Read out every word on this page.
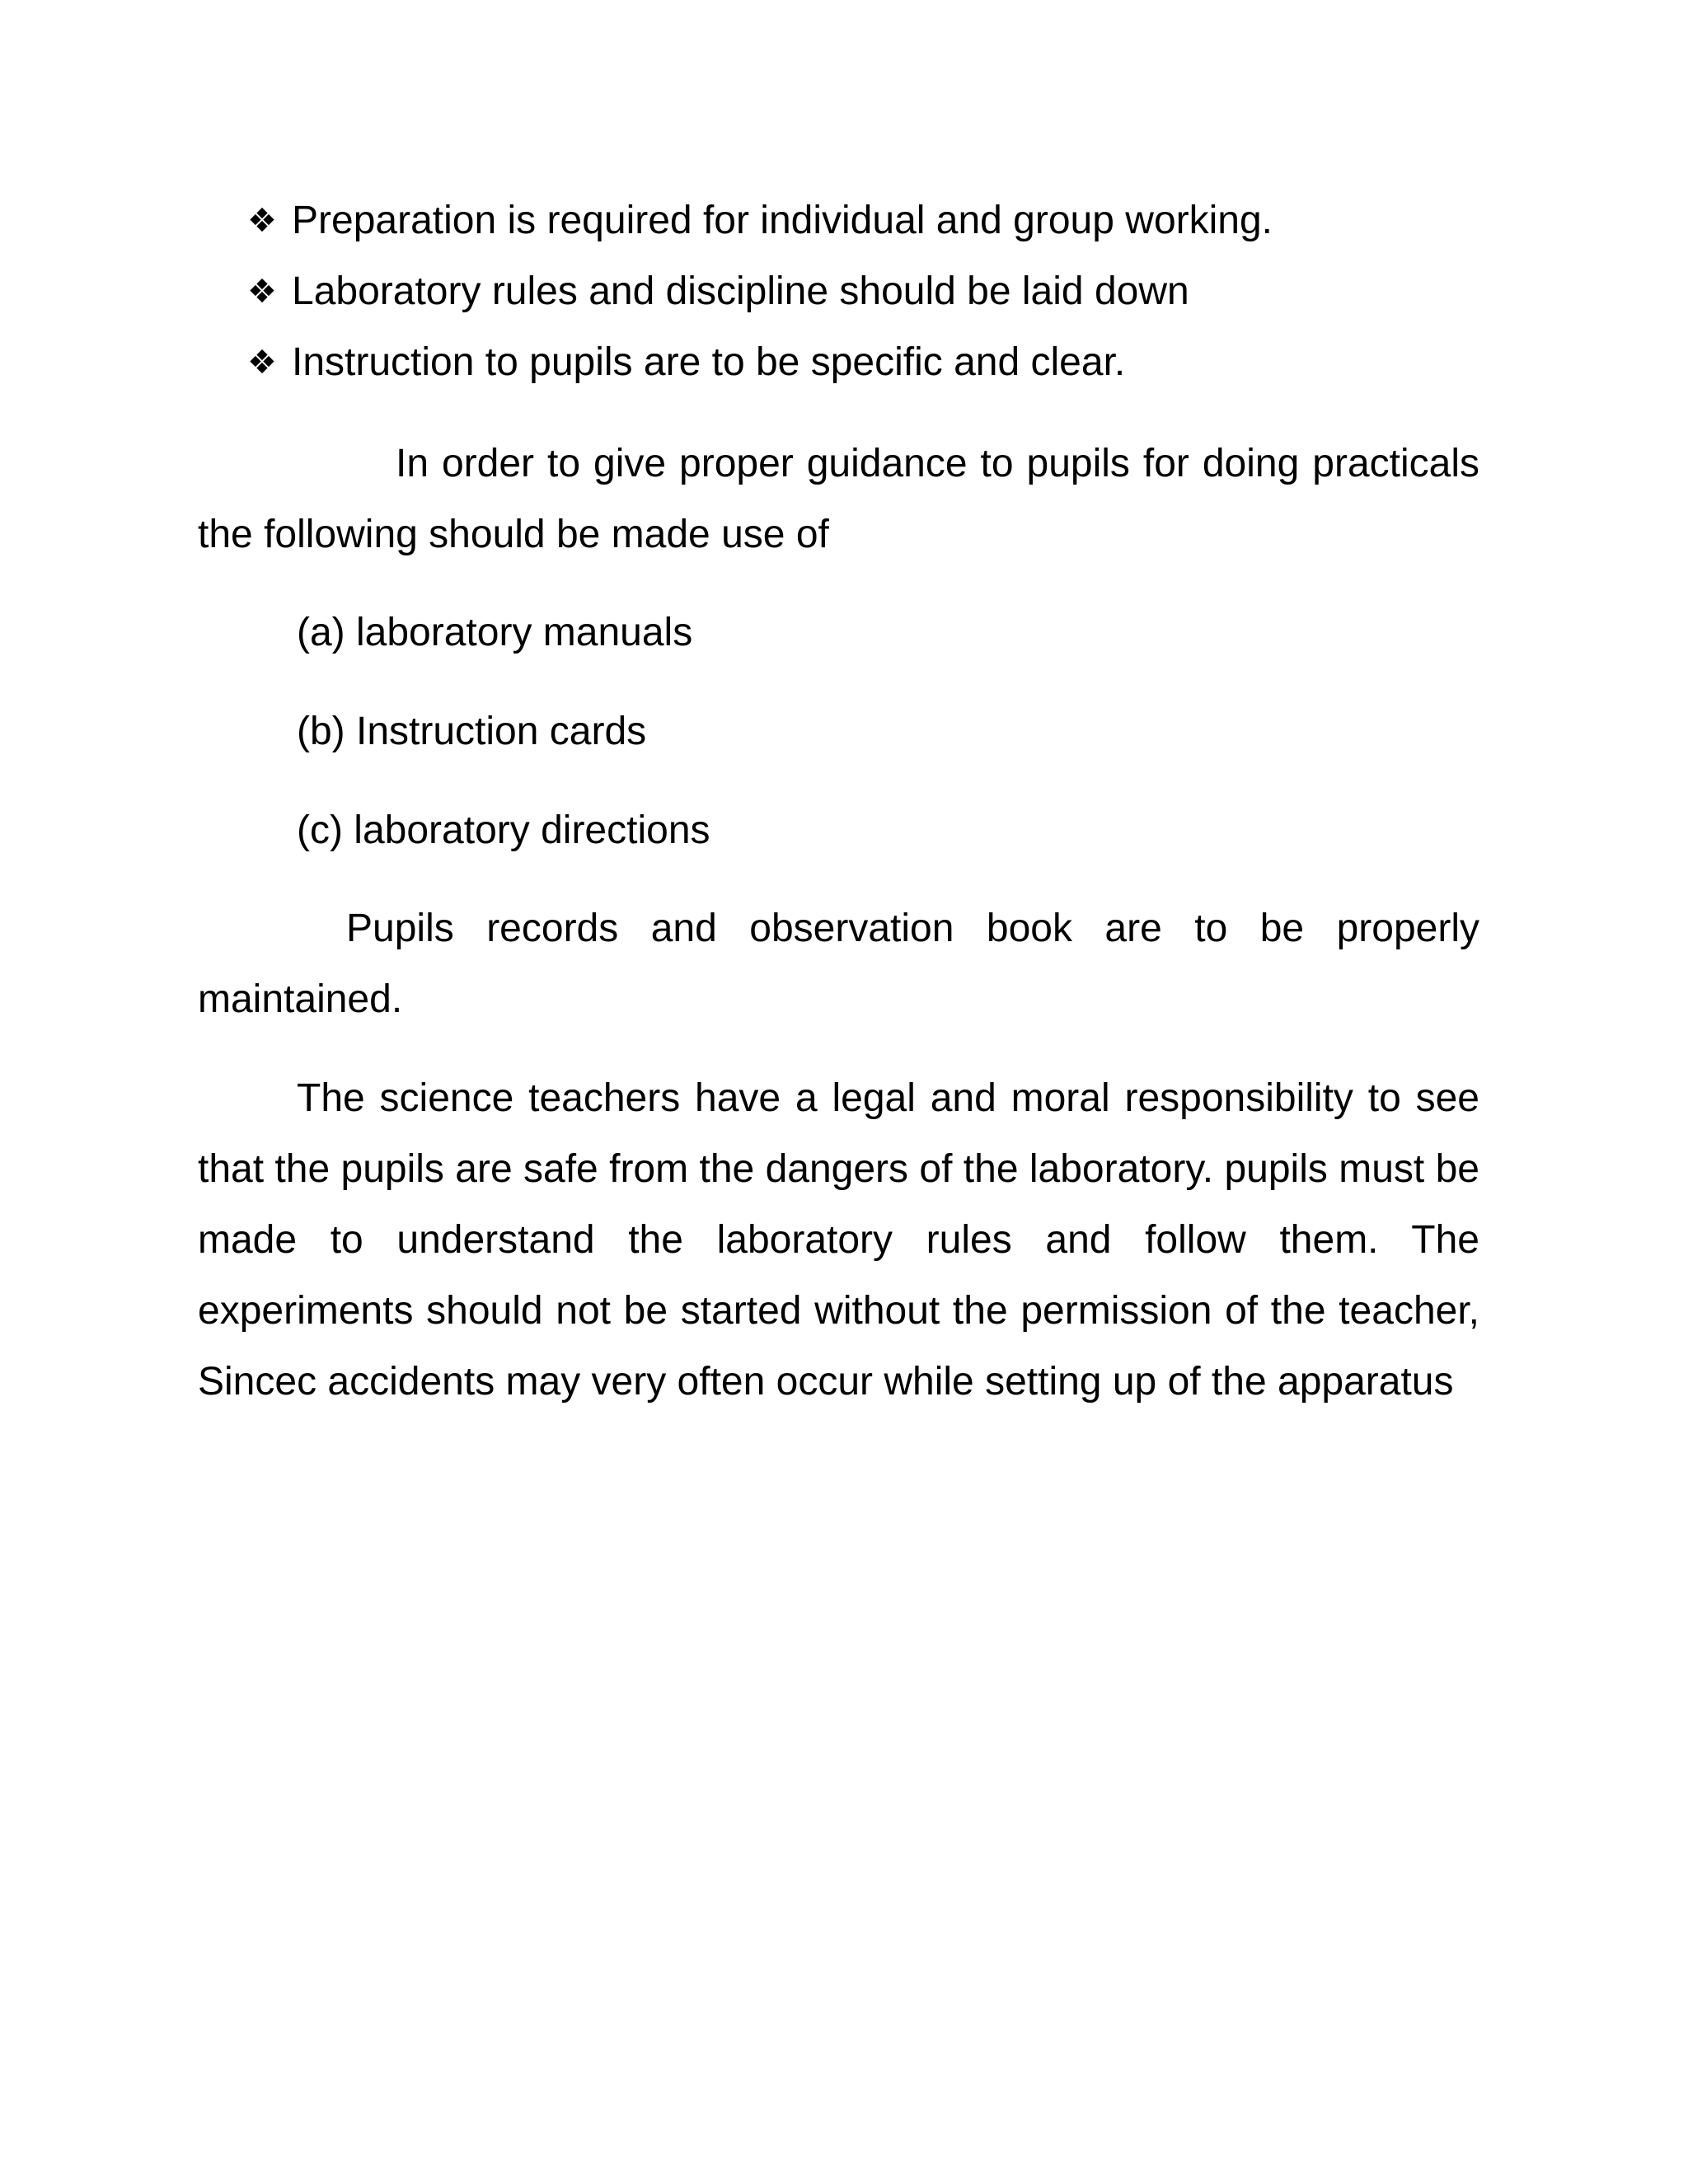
❖ Preparation is required for individual and group working.
❖ Laboratory rules and discipline should be laid down
❖ Instruction to pupils are to be specific and clear.

In order to give proper guidance to pupils for doing practicals the following should be made use of

(a) laboratory manuals
(b) Instruction cards
(c) laboratory directions

Pupils records and observation book are to be properly maintained.

The science teachers have a legal and moral responsibility to see that the pupils are safe from the dangers of the laboratory. pupils must be made to understand the laboratory rules and follow them. The experiments should not be started without the permission of the teacher, Sincec accidents may very often occur while setting up of the apparatus
